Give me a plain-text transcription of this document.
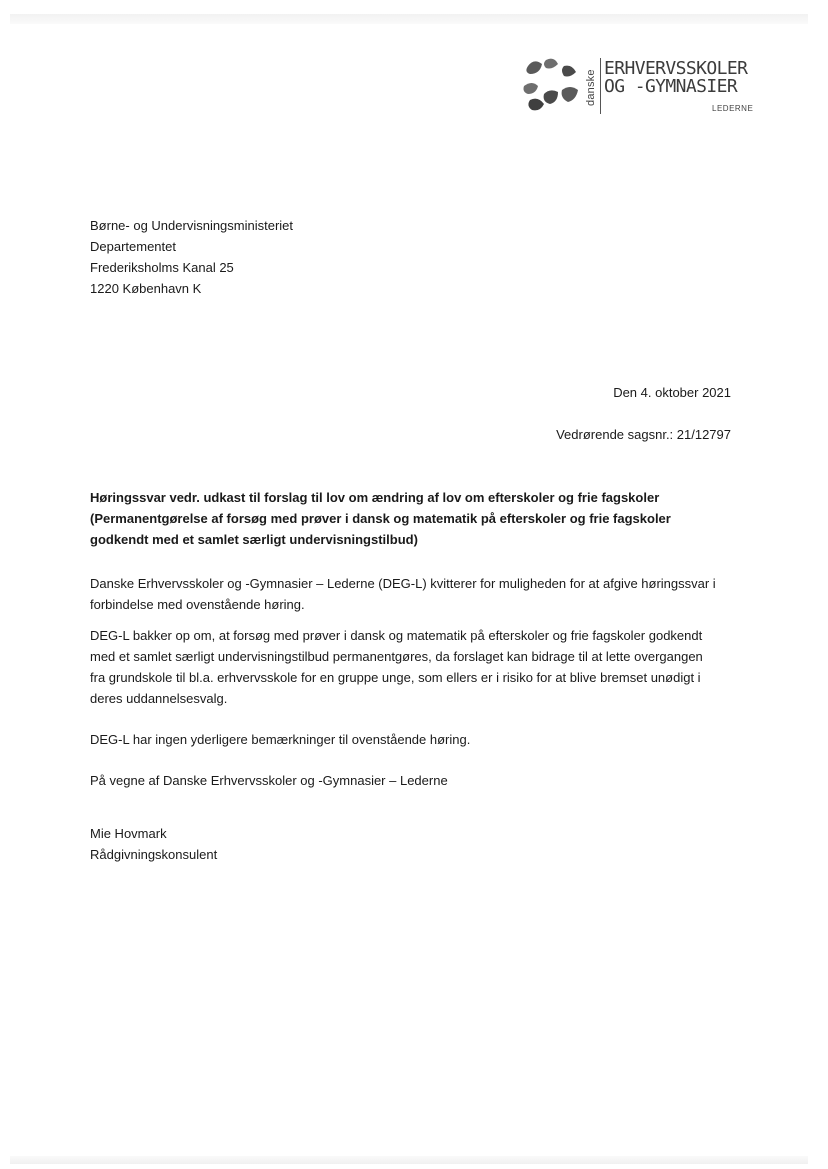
danske
ERHVERVSSKOLER
OG -GYMNASIER
LEDERNE
Børne- og Undervisningsministeriet
Departementet
Frederiksholms Kanal 25
1220 København K
Den 4. oktober 2021
Vedrørende sagsnr.: 21/12797
Høringssvar vedr. udkast til forslag til lov om ændring af lov om efterskoler og frie fagskoler
(Permanentgørelse af forsøg med prøver i dansk og matematik på efterskoler og frie fagskoler
godkendt med et samlet særligt undervisningstilbud)
Danske Erhvervsskoler og -Gymnasier – Lederne (DEG-L) kvitterer for muligheden for at afgive høringssvar i
forbindelse med ovenstående høring.
DEG-L bakker op om, at forsøg med prøver i dansk og matematik på efterskoler og frie fagskoler godkendt
med et samlet særligt undervisningstilbud permanentgøres, da forslaget kan bidrage til at lette overgangen
fra grundskole til bl.a. erhvervsskole for en gruppe unge, som ellers er i risiko for at blive bremset unødigt i
deres uddannelsesvalg.
DEG-L har ingen yderligere bemærkninger til ovenstående høring.
På vegne af Danske Erhvervsskoler og -Gymnasier – Lederne
Mie Hovmark
Rådgivningskonsulent
